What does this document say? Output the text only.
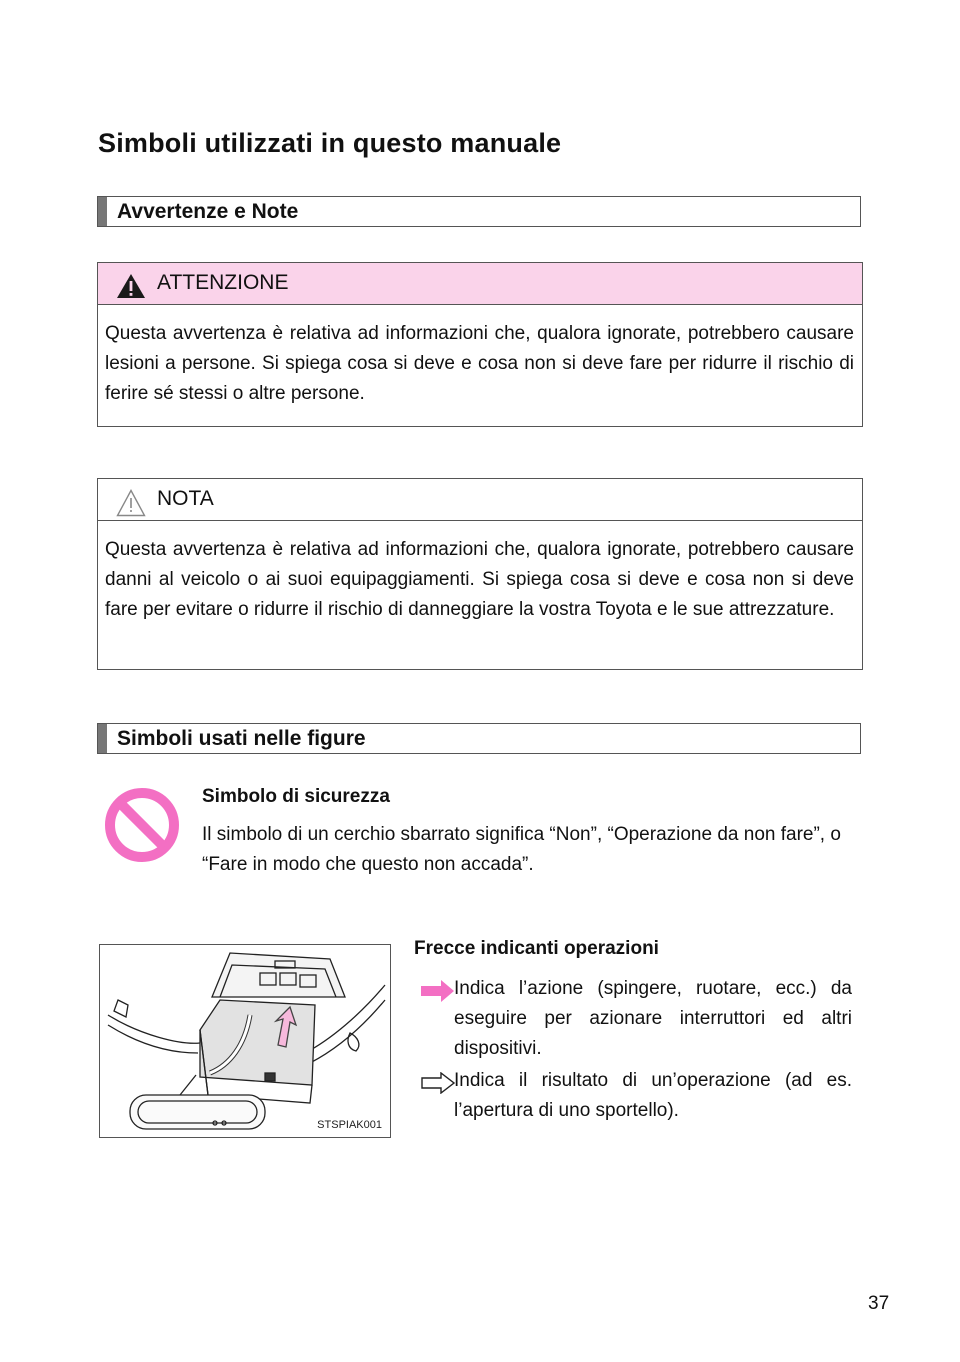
Simboli utilizzati in questo manuale
Avvertenze e Note
ATTENZIONE
Questa avvertenza è relativa ad informazioni che, qualora ignorate, potrebbero causare lesioni a persone. Si spiega cosa si deve e cosa non si deve fare per ridurre il rischio di ferire sé stessi o altre persone.
NOTA
Questa avvertenza è relativa ad informazioni che, qualora ignorate, potrebbero causare danni al veicolo o ai suoi equipaggiamenti. Si spiega cosa si deve e cosa non si deve fare per evitare o ridurre il rischio di danneggiare la vostra Toyota e le sue attrezzature.
Simboli usati nelle figure
Simbolo di sicurezza
Il simbolo di un cerchio sbarrato significa “Non”, “Operazione da non fare”, o “Fare in modo che questo non accada”.
STSPIAK001
Frecce indicanti operazioni
Indica l’azione (spingere, ruotare, ecc.) da eseguire per azionare interruttori ed altri dispositivi.
Indica il risultato di un’operazione (ad es. l’apertura di uno sportello).
37
